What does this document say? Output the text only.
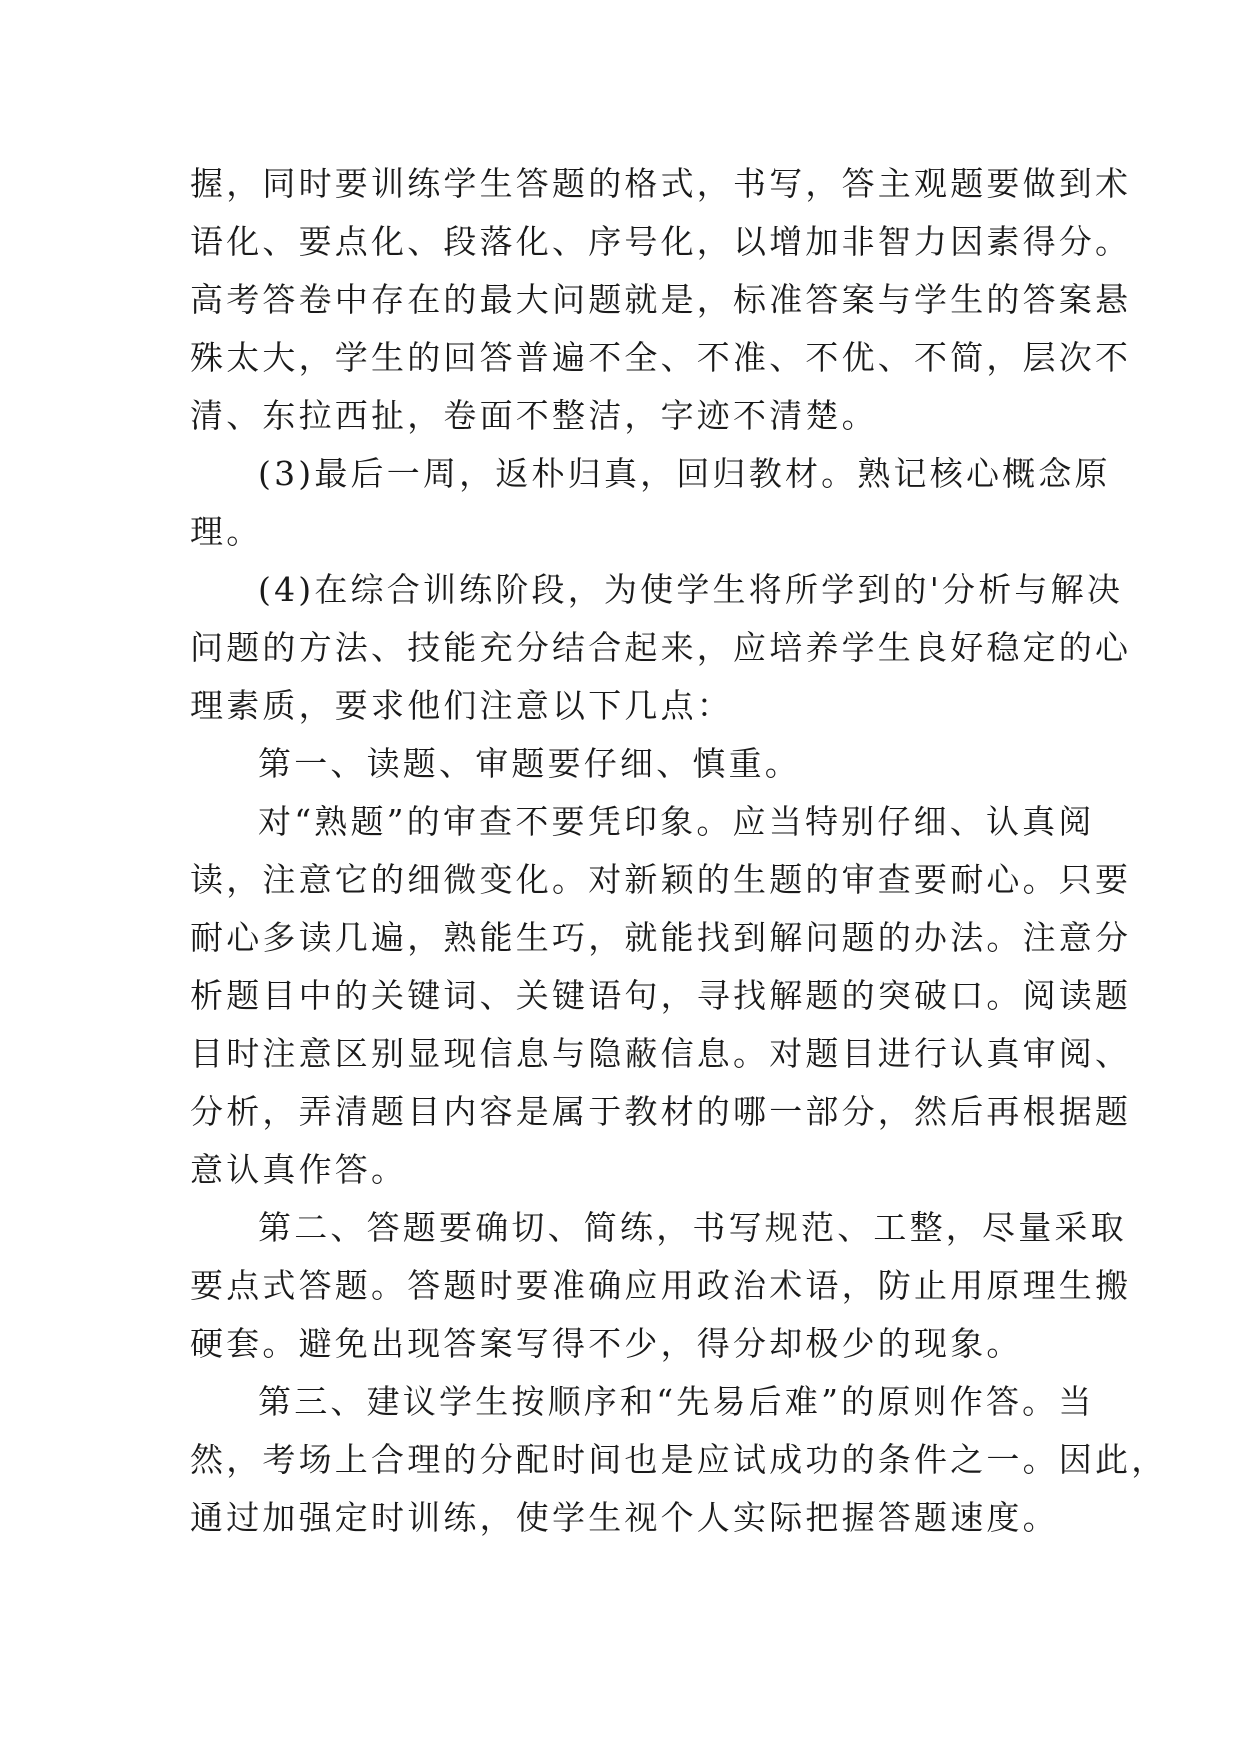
握，同时要训练学生答题的格式，书写，答主观题要做到术
语化、要点化、段落化、序号化，以增加非智力因素得分。
高考答卷中存在的最大问题就是，标准答案与学生的答案悬
殊太大，学生的回答普遍不全、不准、不优、不简，层次不
清、东拉西扯，卷面不整洁，字迹不清楚。
(3)最后一周，返朴归真，回归教材。熟记核心概念原
理。
(4)在综合训练阶段，为使学生将所学到的'分析与解决
问题的方法、技能充分结合起来，应培养学生良好稳定的心
理素质，要求他们注意以下几点：
第一、读题、审题要仔细、慎重。
对“熟题”的审查不要凭印象。应当特别仔细、认真阅
读，注意它的细微变化。对新颖的生题的审查要耐心。只要
耐心多读几遍，熟能生巧，就能找到解问题的办法。注意分
析题目中的关键词、关键语句，寻找解题的突破口。阅读题
目时注意区别显现信息与隐蔽信息。对题目进行认真审阅、
分析，弄清题目内容是属于教材的哪一部分，然后再根据题
意认真作答。
第二、答题要确切、简练，书写规范、工整，尽量采取
要点式答题。答题时要准确应用政治术语，防止用原理生搬
硬套。避免出现答案写得不少，得分却极少的现象。
第三、建议学生按顺序和“先易后难”的原则作答。当
然，考场上合理的分配时间也是应试成功的条件之一。因此，
通过加强定时训练，使学生视个人实际把握答题速度。
